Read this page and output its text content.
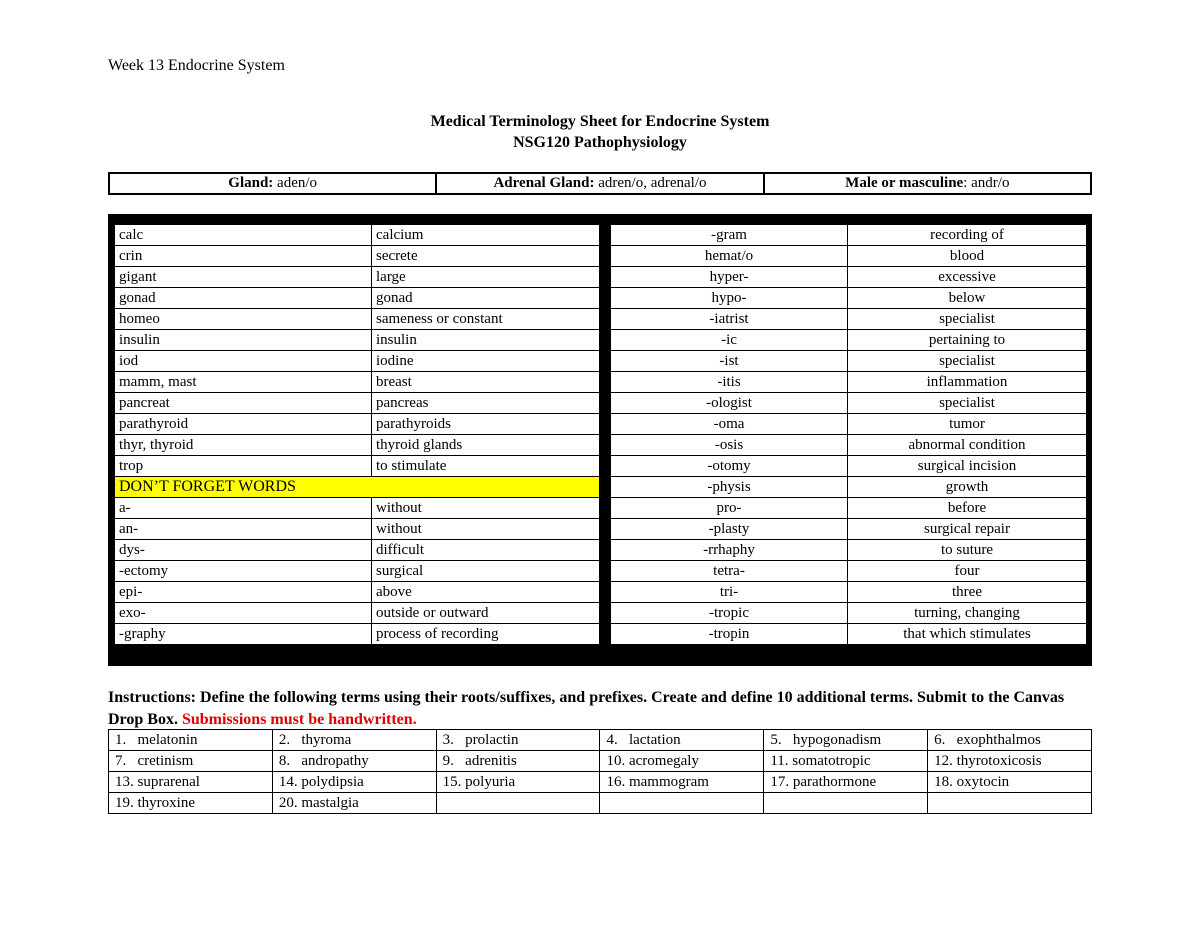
Week 13 Endocrine System
Medical Terminology Sheet for Endocrine System
NSG120 Pathophysiology
Gland: aden/o	Adrenal Gland: adren/o, adrenal/o	Male or masculine: andr/o
calc	calcium		-gram	recording of
crin	secrete		hemat/o	blood
gigant	large		hyper-	excessive
gonad	gonad		hypo-	below
homeo	sameness or constant		-iatrist	specialist
insulin	insulin		-ic	pertaining to
iod	iodine		-ist	specialist
mamm, mast	breast		-itis	inflammation
pancreat	pancreas		-ologist	specialist
parathyroid	parathyroids		-oma	tumor
thyr, thyroid	thyroid glands		-osis	abnormal condition
trop	to stimulate		-otomy	surgical incision
DON’T FORGET WORDS			-physis	growth
a-	without		pro-	before
an-	without		-plasty	surgical repair
dys-	difficult		-rrhaphy	to suture
-ectomy	surgical		tetra-	four
epi-	above		tri-	three
exo-	outside or outward		-tropic	turning, changing
-graphy	process of recording		-tropin	that which stimulates
Instructions: Define the following terms using their roots/suffixes, and prefixes. Create and define 10 additional terms. Submit to the Canvas Drop Box. Submissions must be handwritten.
1.   melatonin	2.   thyroma	3.   prolactin	4.   lactation	5.   hypogonadism	6.   exophthalmos
7.   cretinism	8.   andropathy	9.   adrenitis	10. acromegaly	11. somatotropic	12. thyrotoxicosis
13. suprarenal	14. polydipsia	15. polyuria	16. mammogram	17. parathormone	18. oxytocin
19. thyroxine	20. mastalgia				
